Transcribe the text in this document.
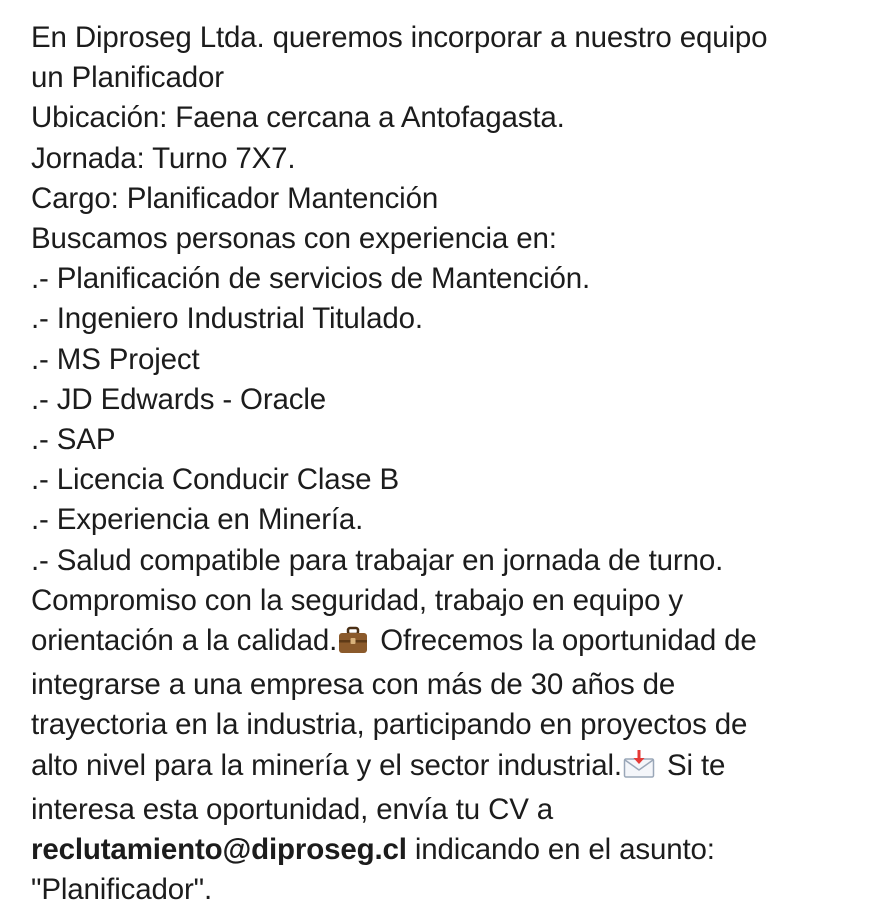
En Diproseg Ltda. queremos incorporar a nuestro equipo
un Planificador
Ubicación: Faena cercana a Antofagasta.
Jornada: Turno 7X7.
Cargo: Planificador Mantención
Buscamos personas con experiencia en:
.- Planificación de servicios de Mantención.
.- Ingeniero Industrial Titulado.
.- MS Project
.- JD Edwards - Oracle
.- SAP
.- Licencia Conducir Clase B
.- Experiencia en Minería.
.- Salud compatible para trabajar en jornada de turno.
Compromiso con la seguridad, trabajo en equipo y
orientación a la calidad. Ofrecemos la oportunidad de
integrarse a una empresa con más de 30 años de
trayectoria en la industria, participando en proyectos de
alto nivel para la minería y el sector industrial. Si te
interesa esta oportunidad, envía tu CV a
reclutamiento@diproseg.cl indicando en el asunto:
"Planificador".
